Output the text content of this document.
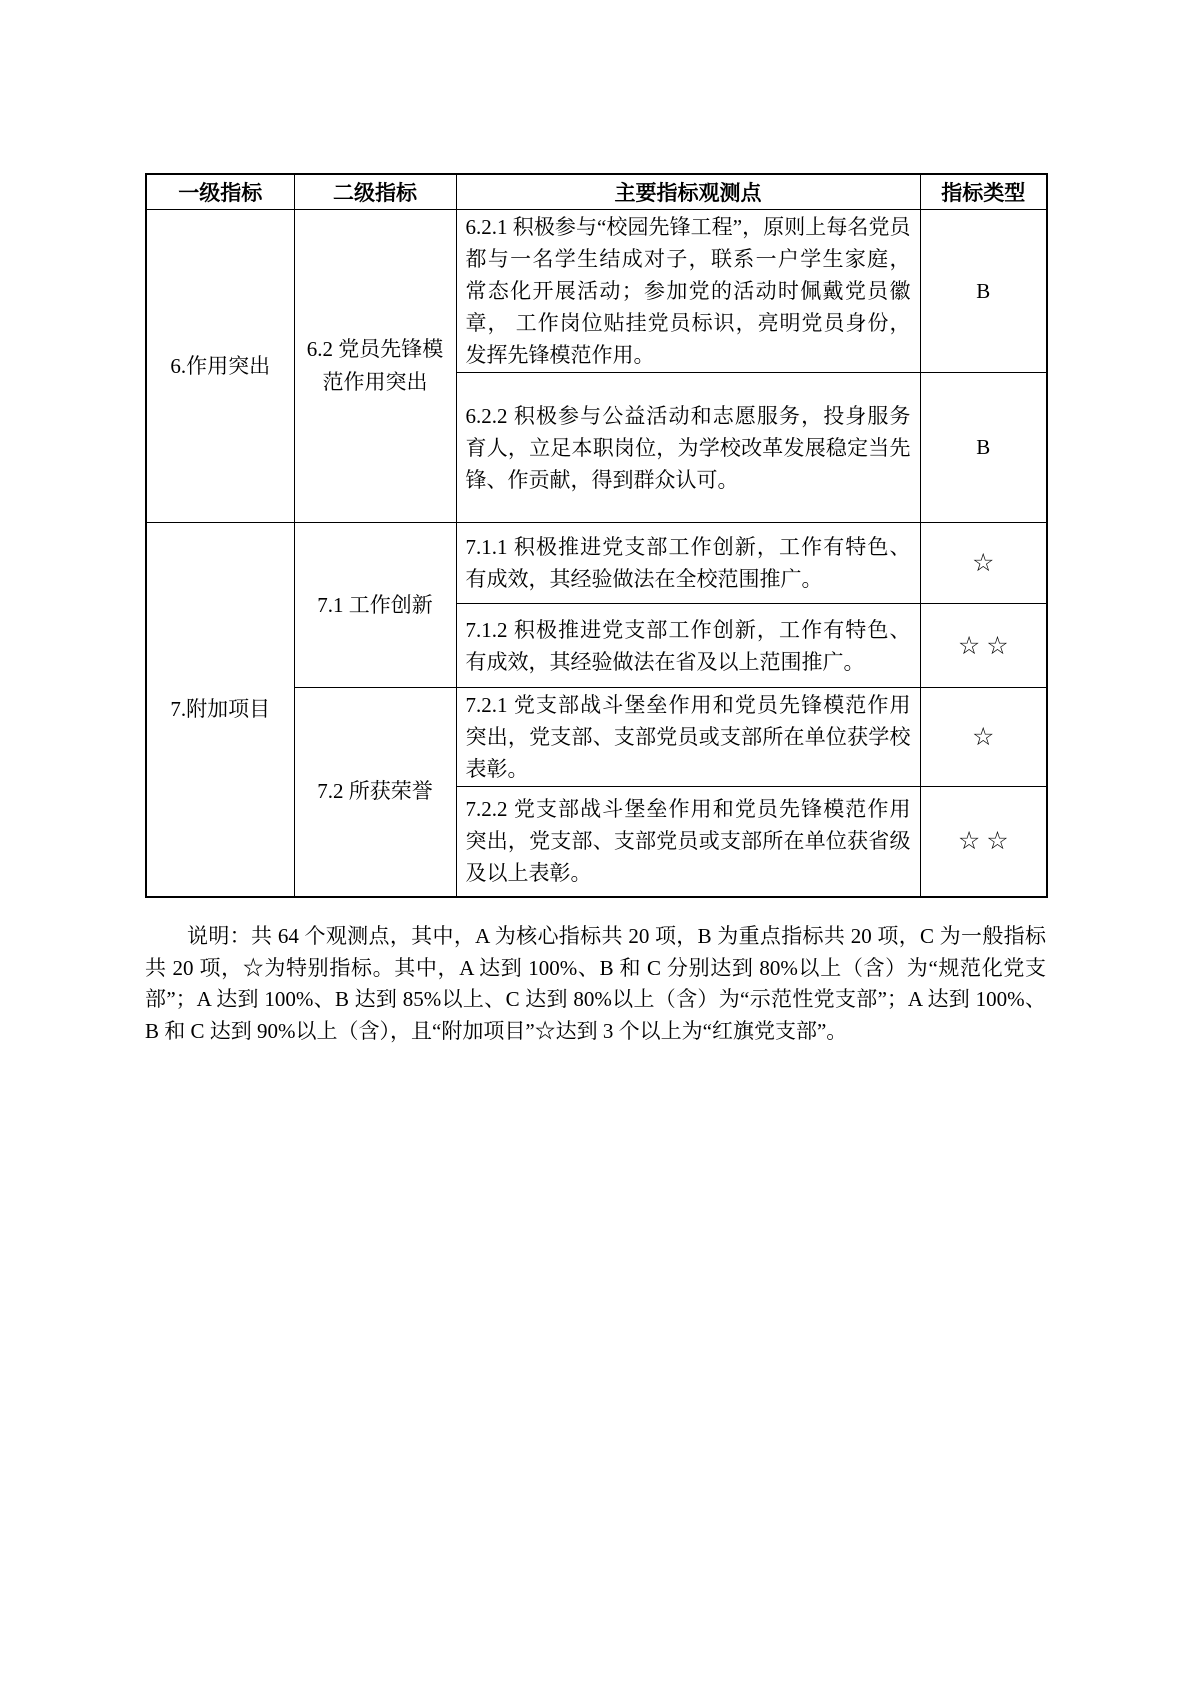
一级指标	二级指标	主要指标观测点	指标类型
6.作用突出	6.2 党员先锋模范作用突出	6.2.1 积极参与“校园先锋工程”，原则上每名党员都与一名学生结成对子，联系一户学生家庭， 常态化开展活动；参加党的活动时佩戴党员徽章， 工作岗位贴挂党员标识，亮明党员身份，发挥先锋模范作用。	B
		6.2.2 积极参与公益活动和志愿服务，投身服务育人，立足本职岗位，为学校改革发展稳定当先锋、作贡献，得到群众认可。	B
7.附加项目	7.1 工作创新	7.1.1 积极推进党支部工作创新，工作有特色、有成效，其经验做法在全校范围推广。	☆
		7.1.2 积极推进党支部工作创新，工作有特色、有成效，其经验做法在省及以上范围推广。	☆☆
	7.2 所获荣誉	7.2.1 党支部战斗堡垒作用和党员先锋模范作用突出，党支部、支部党员或支部所在单位获学校表彰。	☆
		7.2.2 党支部战斗堡垒作用和党员先锋模范作用突出，党支部、支部党员或支部所在单位获省级及以上表彰。	☆☆

说明：共 64 个观测点，其中，A 为核心指标共 20 项，B 为重点指标共 20 项，C 为一般指标共 20 项，☆为特别指标。其中，A 达到 100%、B 和 C 分别达到 80%以上（含）为“规范化党支部”；A 达到 100%、B 达到 85%以上、C 达到 80%以上（含）为“示范性党支部”；A 达到 100%、B 和 C 达到 90%以上（含），且“附加项目”☆达到 3 个以上为“红旗党支部”。
